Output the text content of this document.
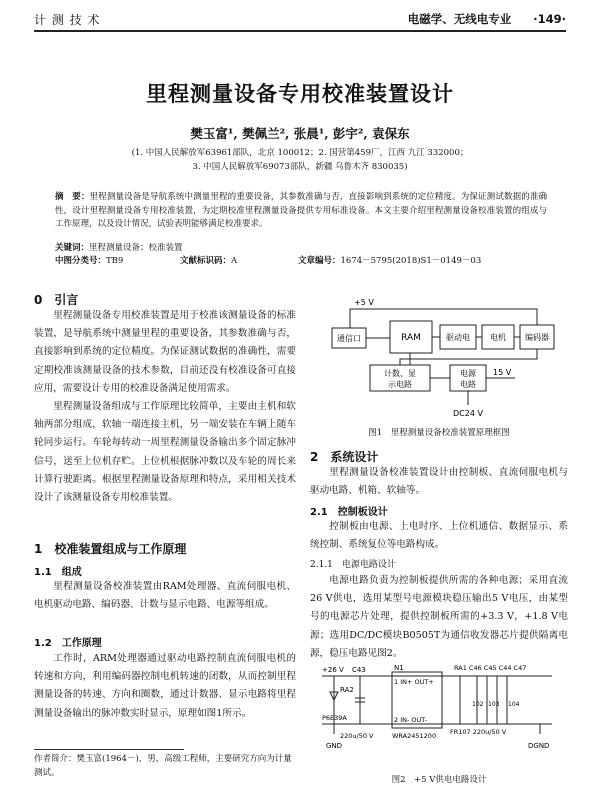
计 测 技 术	电磁学、无线电专业 ·149·
里程测量设备专用校准装置设计
樊玉富¹, 樊佩兰², 张晨¹, 彭宇², 袁保东
(1. 中国人民解放军63961部队，北京 100012；2. 国营第459厂，江西 九江 332000；
3. 中国人民解放军69073部队，新疆 乌鲁木齐 830035)
摘　要：里程测量设备是导航系统中测量里程的重要设备，其参数准确与否，直接影响到系统的定位精度。为保证测试数据的准确性，设计里程测量设备专用校准装置，为定期校准里程测量设备提供专用标准设备。本文主要介绍里程测量设备校准装置的组成与工作原理，以及设计情况，试验表明能够满足校准要求。
关键词：里程测量设备；校准装置
中图分类号：TB9	文献标识码：A	文章编号：1674－5795(2018)S1－0149－03
0　引言

里程测量设备专用校准装置是用于校准该测量设备的标准装置，是导航系统中测量里程的重要设备，其参数准确与否，直接影响到系统的定位精度。为保证测试数据的准确性，需要定期校准该测量设备的技术参数，目前还没有校准设备可直接应用，需要设计专用的校准设备满足使用需求。

里程测量设备组成与工作原理比较简单，主要由主机和软轴两部分组成，软轴一端连接主机，另一端安装在车辆上随车轮同步运行。车轮每转动一周里程测量设备输出多个固定脉冲信号，送至上位机存贮。上位机根据脉冲数以及车轮的周长来计算行驶距离。根据里程测量设备原理和特点，采用相关技术设计了该测量设备专用校准装置。

1　校准装置组成与工作原理
1.1　组成

里程测量设备校准装置由RAM处理器、直流伺服电机、电机驱动电路、编码器、计数与显示电路、电源等组成。

1.2　工作原理

工作时，ARM处理器通过驱动电路控制直流伺服电机的转速和方向，利用编码器控制电机转速的闭数，从而控制里程测量设备的转速、方向和圈数，通过计数器、显示电路将里程测量设备输出的脉冲数实时显示，原理如图1所示。

作者简介：樊玉富(1964－)，男，高级工程师，主要研究方向为计量测试。
通信口	RAM	驱动电	电机 编码器
计数、显
示电路
电源
电路
+5 V
15 V
DC24 V
图1　里程测量设备校准装置原理框图
2　系统设计

里程测量设备校准装置设计由控制板、直流伺服电机与驱动电路、机箱、软轴等。

2.1　控制板设计

控制板由电源、上电时序、上位机通信、数据显示、系统控制、系统复位等电路构成。

2.1.1　电源电路设计

电源电路负责为控制板提供所需的各种电源；采用直流26 V供电，选用某型号电源模块稳压输出5 V电压，由某型号的电源芯片处理，提供控制板所需的+3.3 V，+1.8 V电源；选用DC/DC模块B0505T为通信收发器芯片提供隔离电源，稳压电路见图2。

+26 V C43	N1	RA1 C46 C45 C44 C47
RA2
P6E39A
1 IN+ OUT+
2 IN- OUT-
WRA2451200
220u/50 V	FR107 220u/50 V
GND	DGND
102 103 104
图2　+5 V供电电路设计
